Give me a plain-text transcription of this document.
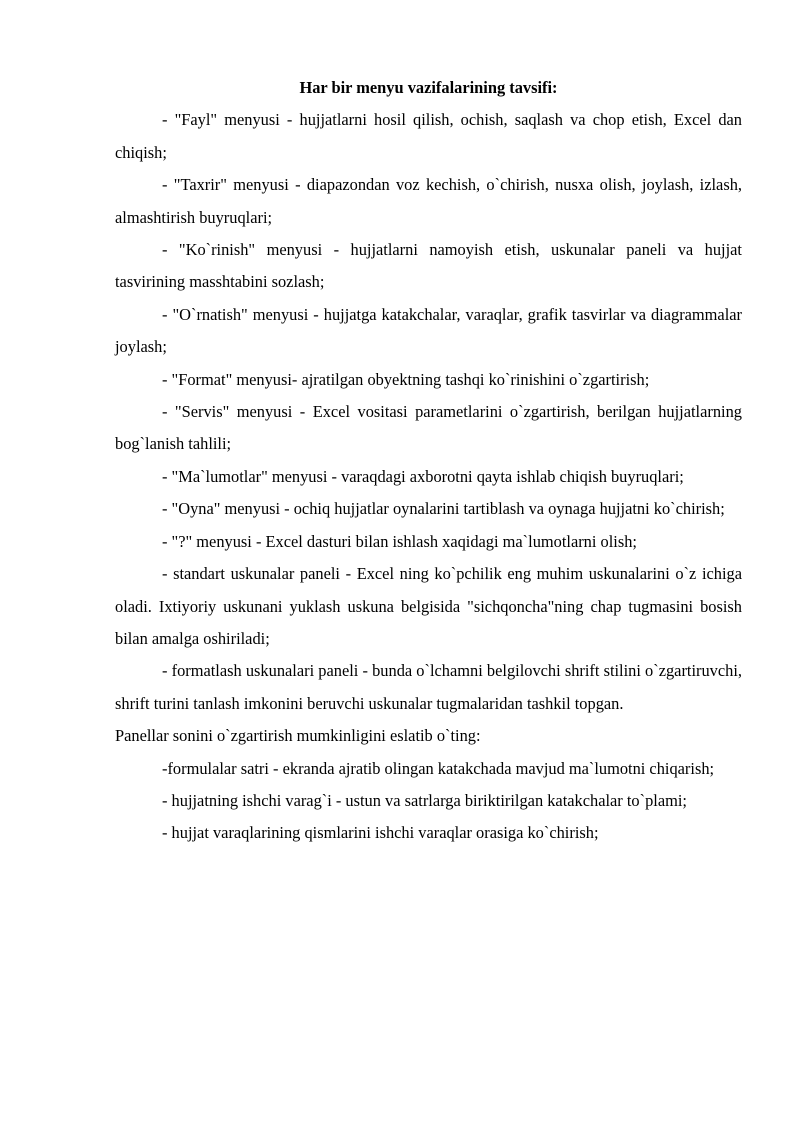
Har bir menyu vazifalarining tavsifi:

- "Fayl" menyusi - hujjatlarni hosil qilish, ochish, saqlash va chop etish, Excel dan chiqish;

- "Taxrir" menyusi - diapazondan voz kechish, o`chirish, nusxa olish, joylash, izlash, almashtirish buyruqlari;

- "Ko`rinish" menyusi - hujjatlarni namoyish etish, uskunalar paneli va hujjat tasvirining masshtabini sozlash;

- "O`rnatish" menyusi - hujjatga katakchalar, varaqlar, grafik tasvirlar va diagrammalar joylash;

- "Format" menyusi- ajratilgan obyektning tashqi ko`rinishini o`zgartirish;

- "Servis" menyusi - Excel vositasi parametlarini o`zgartirish, berilgan hujjatlarning bog`lanish tahlili;

- "Ma`lumotlar" menyusi - varaqdagi axborotni qayta ishlab chiqish buyruqlari;

- "Oyna" menyusi - ochiq hujjatlar oynalarini tartiblash va oynaga hujjatni ko`chirish;

- "?" menyusi - Excel dasturi bilan ishlash xaqidagi ma`lumotlarni olish;

- standart uskunalar paneli - Excel ning ko`pchilik eng muhim uskunalarini o`z ichiga oladi. Ixtiyoriy uskunani yuklash uskuna belgisida "sichqoncha"ning chap tugmasini bosish bilan amalga oshiriladi;

- formatlash uskunalari paneli - bunda o`lchamni belgilovchi shrift stilini o`zgartiruvchi, shrift turini tanlash imkonini beruvchi uskunalar tugmalaridan tashkil topgan.

Panellar sonini o`zgartirish mumkinligini eslatib o`ting:

-formulalar satri - ekranda ajratib olingan katakchada mavjud ma`lumotni chiqarish;

- hujjatning ishchi varag`i - ustun va satrlarga biriktirilgan katakchalar to`plami;

- hujjat varaqlarining qismlarini ishchi varaqlar orasiga ko`chirish;
